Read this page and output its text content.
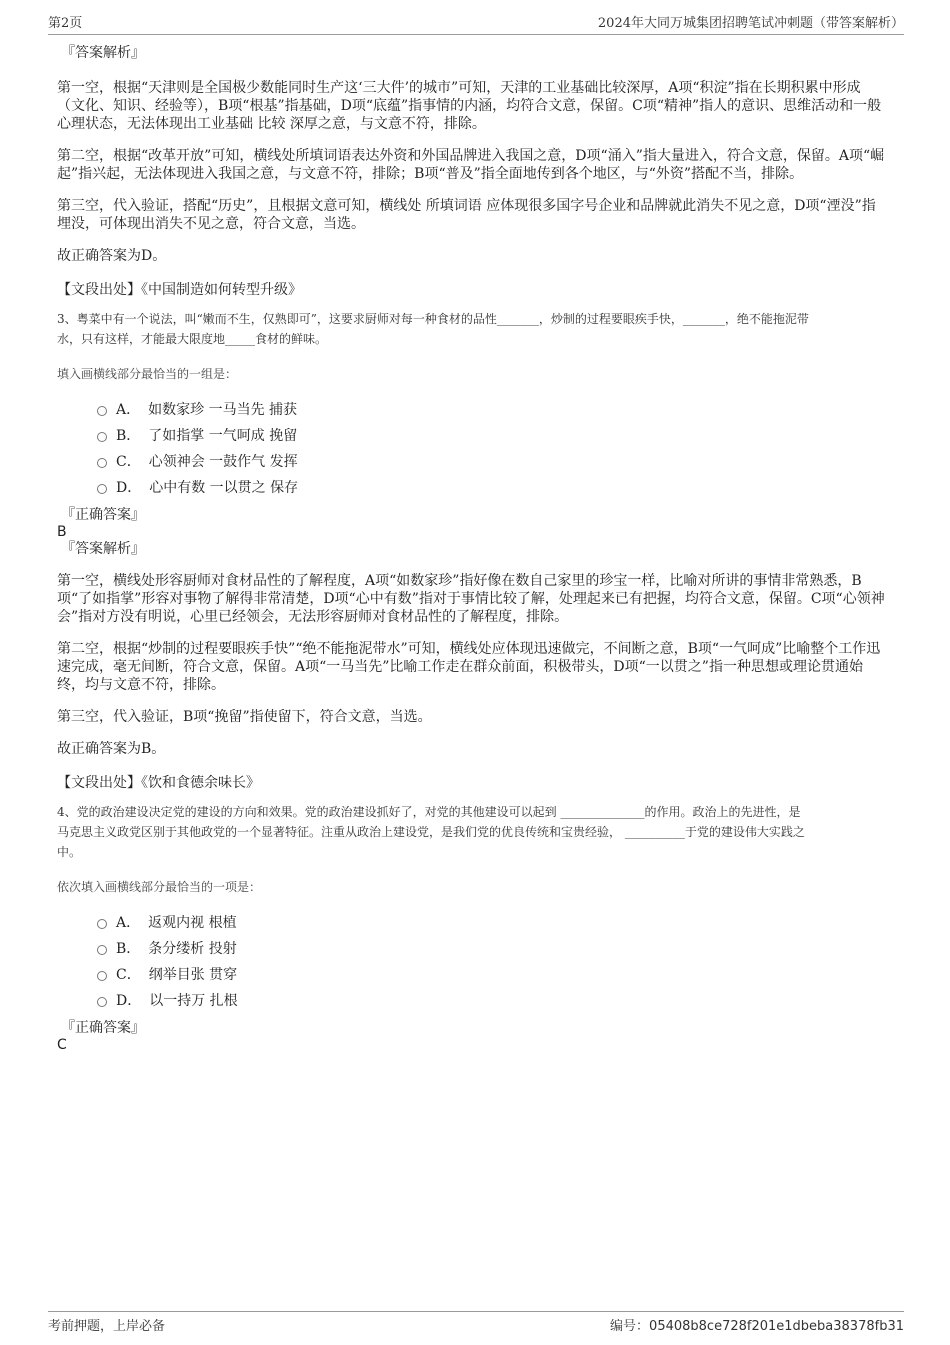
第2页	2024年大同万城集团招聘笔试冲刺题（带答案解析）

『答案解析』

第一空，根据“天津则是全国极少数能同时生产这‘三大件’的城市”可知，天津的工业基础比较深厚，A项“积淀”指在长期积累中形成（文化、知识、经验等），B项“根基”指基础，D项“底蕴”指事情的内涵，均符合文意，保留。C项“精神”指人的意识、思维活动和一般心理状态，无法体现出工业基础 比较 深厚之意，与文意不符，排除。

第二空，根据“改革开放”可知，横线处所填词语表达外资和外国品牌进入我国之意，D项“涌入”指大量进入，符合文意，保留。A项“崛起”指兴起，无法体现进入我国之意，与文意不符，排除；B项“普及”指全面地传到各个地区，与“外资”搭配不当，排除。

第三空，代入验证，搭配“历史”，且根据文意可知，横线处 所填词语 应体现很多国字号企业和品牌就此消失不见之意，D项“湮没”指埋没，可体现出消失不见之意，符合文意，当选。

故正确答案为D。

【文段出处】《中国制造如何转型升级》

3、粤菜中有一个说法，叫“嫩而不生，仅熟即可”，这要求厨师对每一种食材的品性_______，炒制的过程要眼疾手快，_______，绝不能拖泥带

水，只有这样，才能最大限度地_____食材的鲜味。

填入画横线部分最恰当的一组是：

A． 如数家珍 一马当先 捕获
B． 了如指掌 一气呵成 挽留
C． 心领神会 一鼓作气 发挥
D． 心中有数 一以贯之 保存

『正确答案』

B

『答案解析』

第一空，横线处形容厨师对食材品性的了解程度，A项“如数家珍”指好像在数自己家里的珍宝一样，比喻对所讲的事情非常熟悉，B项“了如指掌”形容对事物了解得非常清楚，D项“心中有数”指对于事情比较了解，处理起来已有把握，均符合文意，保留。C项“心领神会”指对方没有明说，心里已经领会，无法形容厨师对食材品性的了解程度，排除。

第二空，根据“炒制的过程要眼疾手快”“绝不能拖泥带水”可知，横线处应体现迅速做完，不间断之意，B项“一气呵成”比喻整个工作迅速完成，毫无间断，符合文意，保留。A项“一马当先”比喻工作走在群众前面，积极带头，D项“一以贯之”指一种思想或理论贯通始终，均与文意不符，排除。

第三空，代入验证，B项“挽留”指使留下，符合文意，当选。

故正确答案为B。

【文段出处】《饮和食德余味长》

4、党的政治建设决定党的建设的方向和效果。党的政治建设抓好了，对党的其他建设可以起到 ______________的作用。政治上的先进性，是

马克思主义政党区别于其他政党的一个显著特征。注重从政治上建设党，是我们党的优良传统和宝贵经验， __________于党的建设伟大实践之

中。

依次填入画横线部分最恰当的一项是：

A． 返观内视 根植
B． 条分缕析 投射
C． 纲举目张 贯穿
D． 以一持万 扎根

『正确答案』

C

考前押题，上岸必备	编号：05408b8ce728f201e1dbeba38378fb31
